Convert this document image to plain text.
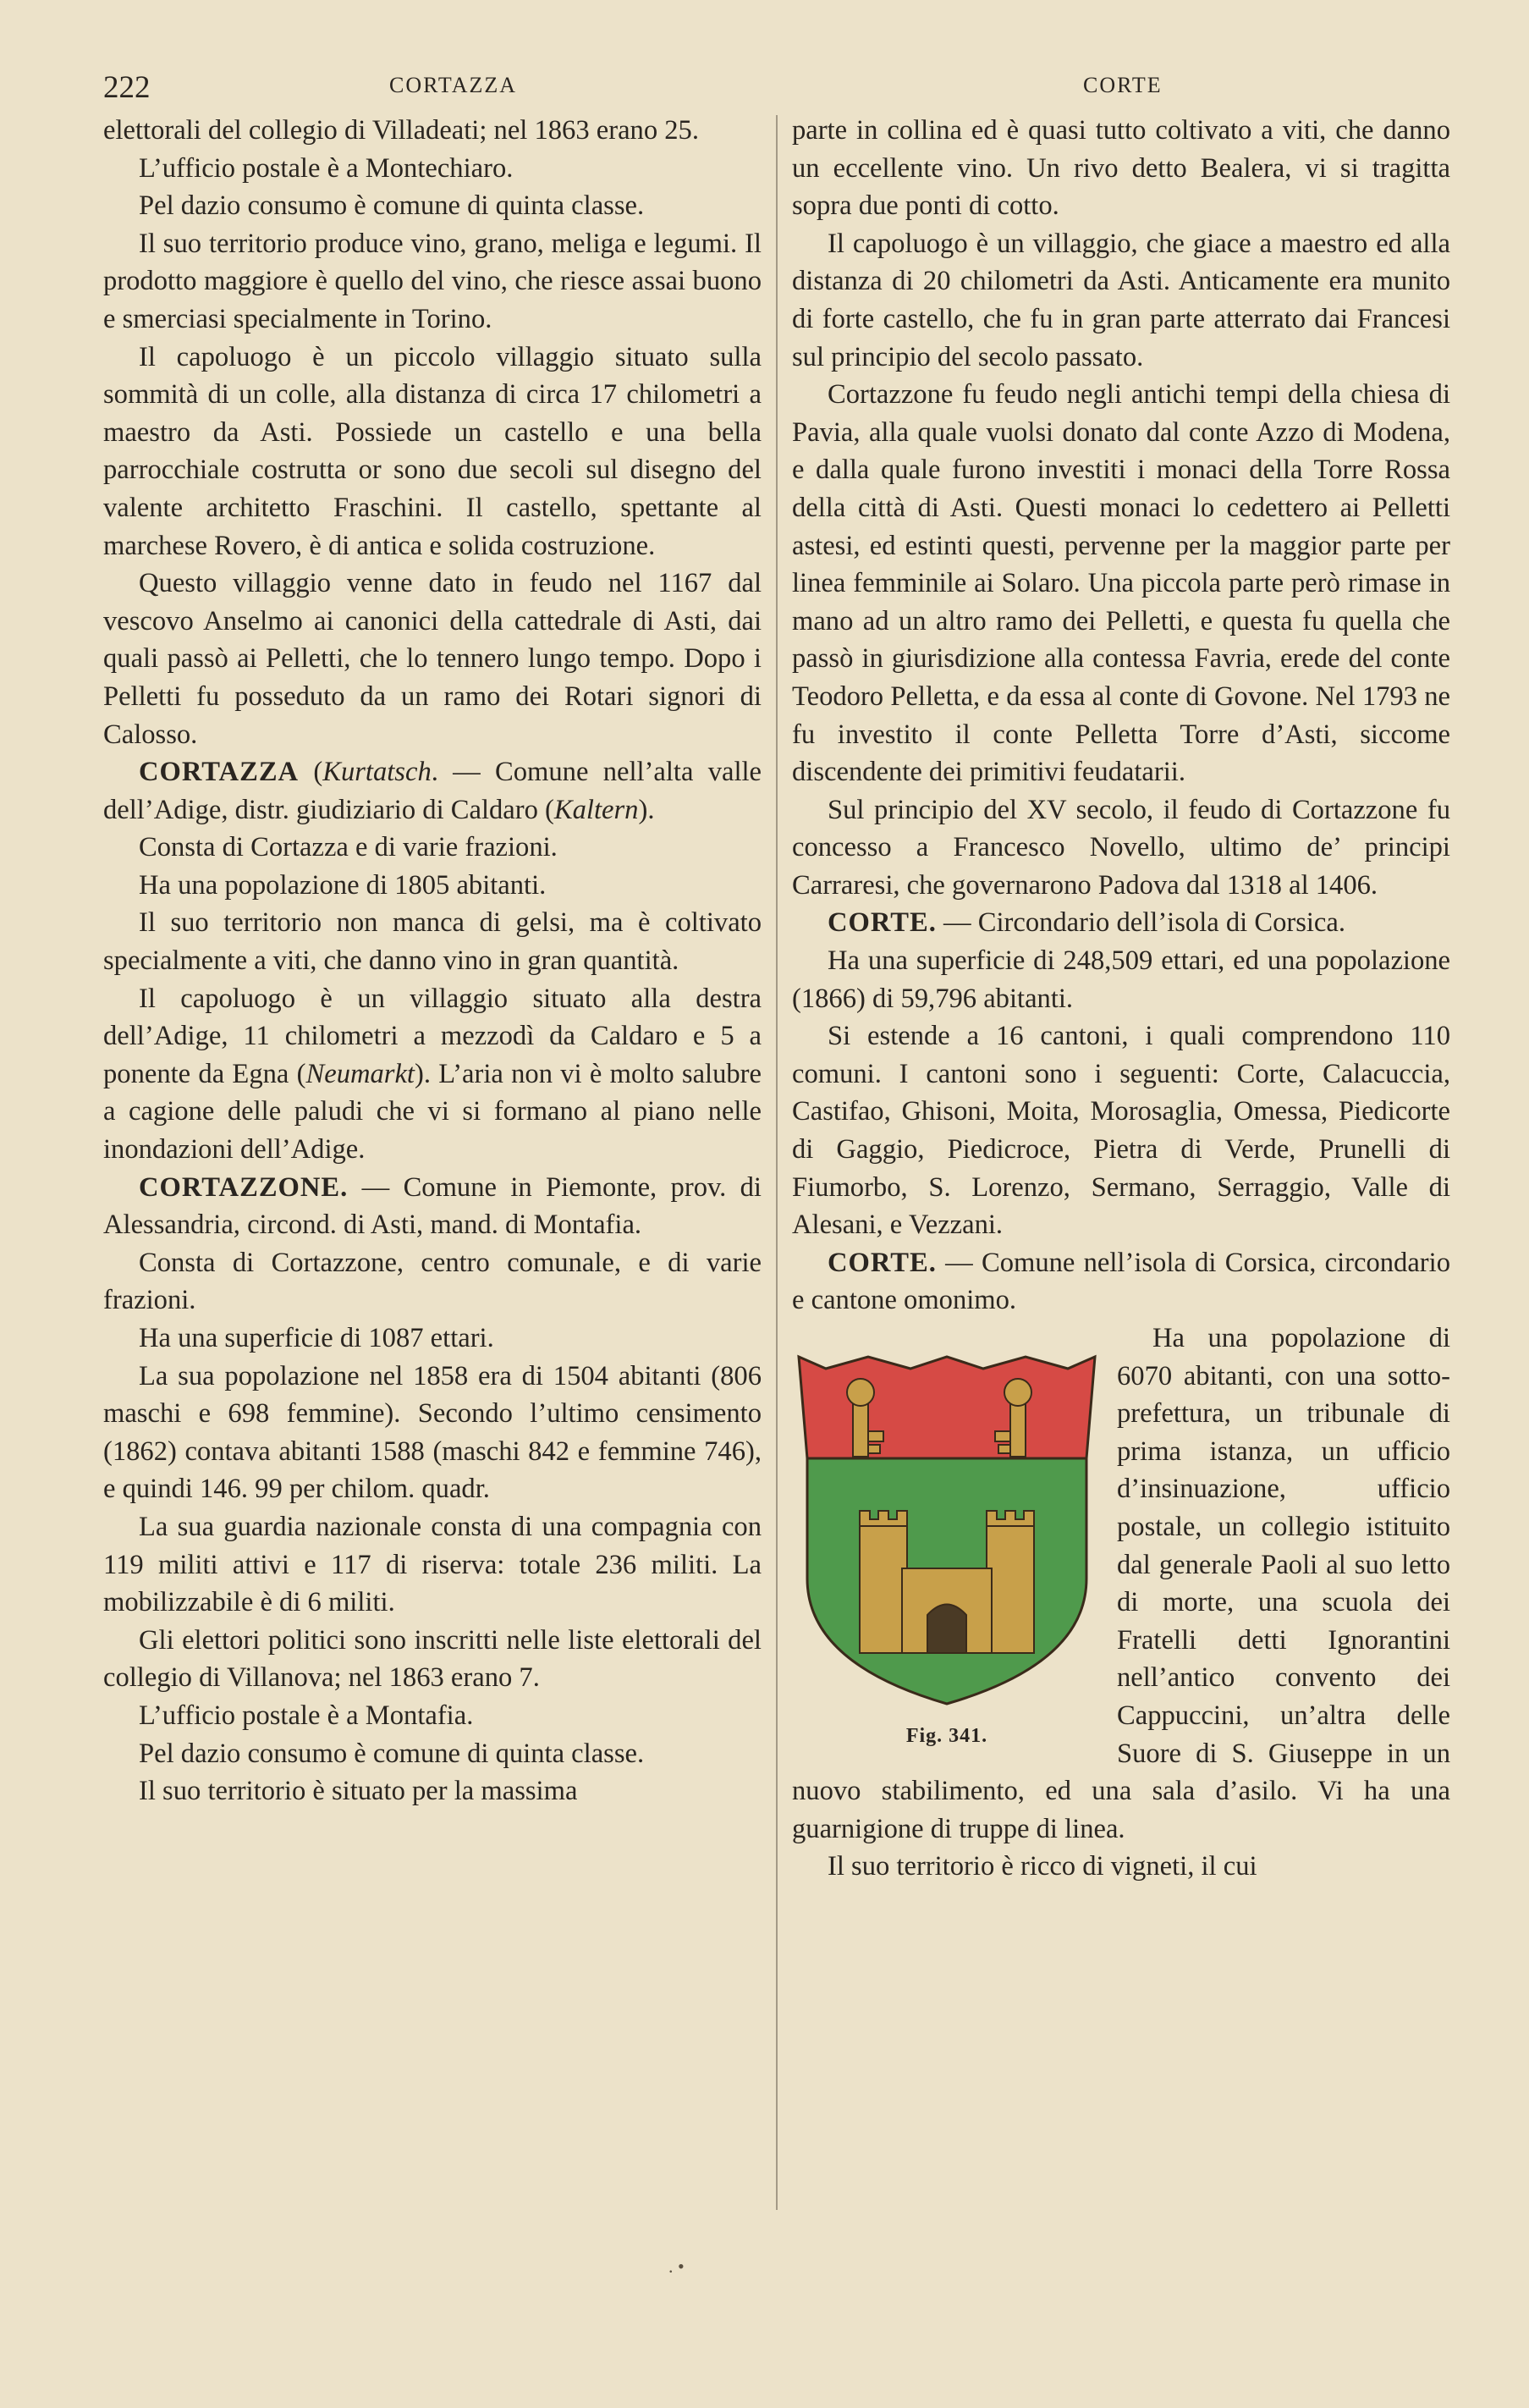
222	CORTAZZA	CORTE

elettorali del collegio di Villadeati; nel 1863 erano 25.

L’ufficio postale è a Montechiaro.

Pel dazio consumo è comune di quinta classe.

Il suo territorio produce vino, grano, meliga e legumi. Il prodotto maggiore è quello del vino, che riesce assai buono e smerciasi specialmente in Torino.

Il capoluogo è un piccolo villaggio situato sulla sommità di un colle, alla distanza di circa 17 chilometri a maestro da Asti. Possiede un castello e una bella parrocchiale costrutta or sono due secoli sul disegno del valente architetto Fraschini. Il castello, spettante al marchese Rovero, è di antica e solida costruzione.

Questo villaggio venne dato in feudo nel 1167 dal vescovo Anselmo ai canonici della cattedrale di Asti, dai quali passò ai Pelletti, che lo tennero lungo tempo. Dopo i Pelletti fu posseduto da un ramo dei Rotari signori di Calosso.

CORTAZZA (Kurtatsch. — Comune nell’alta valle dell’Adige, distr. giudiziario di Caldaro (Kaltern).

Consta di Cortazza e di varie frazioni.

Ha una popolazione di 1805 abitanti.

Il suo territorio non manca di gelsi, ma è coltivato specialmente a viti, che danno vino in gran quantità.

Il capoluogo è un villaggio situato alla destra dell’Adige, 11 chilometri a mezzodì da Caldaro e 5 a ponente da Egna (Neumarkt). L’aria non vi è molto salubre a cagione delle paludi che vi si formano al piano nelle inondazioni dell’Adige.

CORTAZZONE. — Comune in Piemonte, prov. di Alessandria, circond. di Asti, mand. di Montafia.

Consta di Cortazzone, centro comunale, e di varie frazioni.

Ha una superficie di 1087 ettari.

La sua popolazione nel 1858 era di 1504 abitanti (806 maschi e 698 femmine). Secondo l’ultimo censimento (1862) contava abitanti 1588 (maschi 842 e femmine 746), e quindi 146. 99 per chilom. quadr.

La sua guardia nazionale consta di una compagnia con 119 militi attivi e 117 di riserva: totale 236 militi. La mobilizzabile è di 6 militi.

Gli elettori politici sono inscritti nelle liste elettorali del collegio di Villanova; nel 1863 erano 7.

L’ufficio postale è a Montafia.

Pel dazio consumo è comune di quinta classe.

Il suo territorio è situato per la massima

parte in collina ed è quasi tutto coltivato a viti, che danno un eccellente vino. Un rivo detto Bealera, vi si tragitta sopra due ponti di cotto.

Il capoluogo è un villaggio, che giace a maestro ed alla distanza di 20 chilometri da Asti. Anticamente era munito di forte castello, che fu in gran parte atterrato dai Francesi sul principio del secolo passato.

Cortazzone fu feudo negli antichi tempi della chiesa di Pavia, alla quale vuolsi donato dal conte Azzo di Modena, e dalla quale furono investiti i monaci della Torre Rossa della città di Asti. Questi monaci lo cedettero ai Pelletti astesi, ed estinti questi, pervenne per la maggior parte per linea femminile ai Solaro. Una piccola parte però rimase in mano ad un altro ramo dei Pelletti, e questa fu quella che passò in giurisdizione alla contessa Favria, erede del conte Teodoro Pelletta, e da essa al conte di Govone. Nel 1793 ne fu investito il conte Pelletta Torre d’Asti, siccome discendente dei primitivi feudatarii.

Sul principio del XV secolo, il feudo di Cortazzone fu concesso a Francesco Novello, ultimo de’ principi Carraresi, che governarono Padova dal 1318 al 1406.

CORTE. — Circondario dell’isola di Corsica.

Ha una superficie di 248,509 ettari, ed una popolazione (1866) di 59,796 abitanti.

Si estende a 16 cantoni, i quali comprendono 110 comuni. I cantoni sono i seguenti: Corte, Calacuccia, Castifao, Ghisoni, Moita, Morosaglia, Omessa, Piedicorte di Gaggio, Piedicroce, Pietra di Verde, Prunelli di Fiumorbo, S. Lorenzo, Sermano, Serraggio, Valle di Alesani, e Vezzani.

CORTE. — Comune nell’isola di Corsica, circondario e cantone omonimo.

Fig. 341.

Ha una popolazione di 6070 abitanti, con una sotto-prefettura, un tribunale di prima istanza, un ufficio d’insinuazione, ufficio postale, un collegio istituito dal generale Paoli al suo letto di morte, una scuola dei Fratelli detti Ignorantini nell’antico convento dei Cappuccini, un’altra delle Suore di S. Giuseppe in un nuovo stabilimento, ed una sala d’asilo. Vi ha una guarnigione di truppe di linea.

Il suo territorio è ricco di vigneti, il cui

. •
